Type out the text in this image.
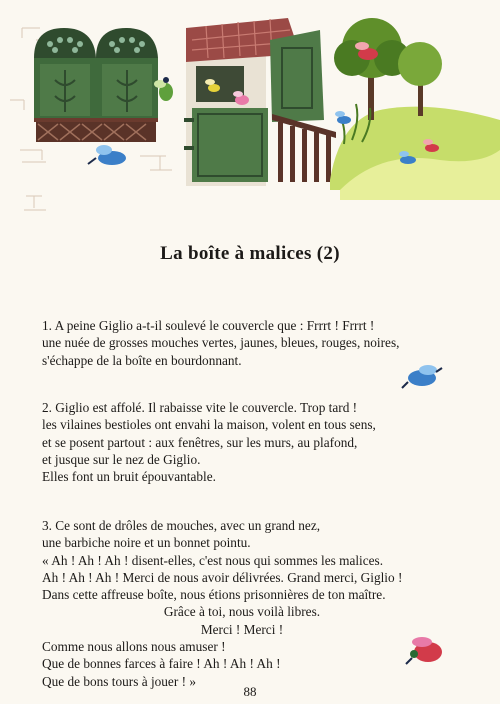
La boîte à malices (2)
1. A peine Giglio a-t-il soulevé le couvercle que : Frrrt ! Frrrt !
une nuée de grosses mouches vertes, jaunes, bleues, rouges, noires,
s'échappe de la boîte en bourdonnant.
2. Giglio est affolé. Il rabaisse vite le couvercle. Trop tard !
les vilaines bestioles ont envahi la maison, volent en tous sens,
et se posent partout : aux fenêtres, sur les murs, au plafond,
et jusque sur le nez de Giglio.
Elles font un bruit épouvantable.
3. Ce sont de drôles de mouches, avec un grand nez,
une barbiche noire et un bonnet pointu.
« Ah ! Ah ! Ah ! disent-elles, c'est nous qui sommes les malices.
Ah ! Ah ! Ah ! Merci de nous avoir délivrées. Grand merci, Giglio !
Dans cette affreuse boîte, nous étions prisonnières de ton maître.
Grâce à toi, nous voilà libres.
Merci ! Merci !
Comme nous allons nous amuser !
Que de bonnes farces à faire ! Ah ! Ah ! Ah !
Que de bons tours à jouer ! »
88
